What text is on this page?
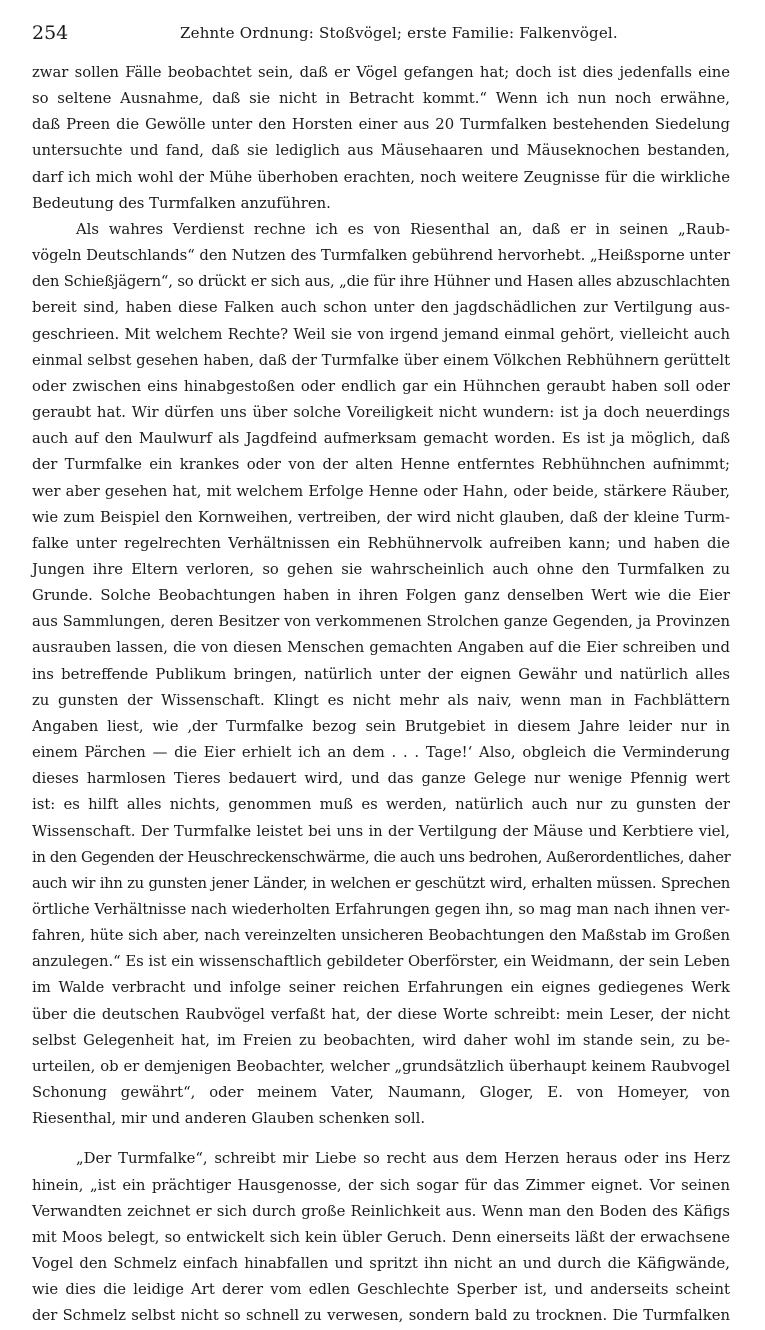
254	Zehnte Ordnung: Stoßvögel; erste Familie: Falkenvögel.
zwar sollen Fälle beobachtet sein, daß er Vögel gefangen hat; doch ist dies jedenfalls eine
so seltene Ausnahme, daß sie nicht in Betracht kommt.“ Wenn ich nun noch erwähne,
daß Preen die Gewölle unter den Horsten einer aus 20 Turmfalken bestehenden Siedelung
untersuchte und fand, daß sie lediglich aus Mäusehaaren und Mäuseknochen bestanden,
darf ich mich wohl der Mühe überhoben erachten, noch weitere Zeugnisse für die wirkliche
Bedeutung des Turmfalken anzuführen.
Als wahres Verdienst rechne ich es von Riesenthal an, daß er in seinen „Raub-
vögeln Deutschlands“ den Nutzen des Turmfalken gebührend hervorhebt. „Heißsporne unter
den Schießjägern“, so drückt er sich aus, „die für ihre Hühner und Hasen alles abzuschlachten
bereit sind, haben diese Falken auch schon unter den jagdschädlichen zur Vertilgung aus-
geschrieen. Mit welchem Rechte? Weil sie von irgend jemand einmal gehört, vielleicht auch
einmal selbst gesehen haben, daß der Turmfalke über einem Völkchen Rebhühnern gerüttelt
oder zwischen eins hinabgestoßen oder endlich gar ein Hühnchen geraubt haben soll oder
geraubt hat. Wir dürfen uns über solche Voreiligkeit nicht wundern: ist ja doch neuerdings
auch auf den Maulwurf als Jagdfeind aufmerksam gemacht worden. Es ist ja möglich, daß
der Turmfalke ein krankes oder von der alten Henne entferntes Rebhühnchen aufnimmt;
wer aber gesehen hat, mit welchem Erfolge Henne oder Hahn, oder beide, stärkere Räuber,
wie zum Beispiel den Kornweihen, vertreiben, der wird nicht glauben, daß der kleine Turm-
falke unter regelrechten Verhältnissen ein Rebhühnervolk aufreiben kann; und haben die
Jungen ihre Eltern verloren, so gehen sie wahrscheinlich auch ohne den Turmfalken zu
Grunde. Solche Beobachtungen haben in ihren Folgen ganz denselben Wert wie die Eier
aus Sammlungen, deren Besitzer von verkommenen Strolchen ganze Gegenden, ja Provinzen
ausrauben lassen, die von diesen Menschen gemachten Angaben auf die Eier schreiben und
ins betreffende Publikum bringen, natürlich unter der eignen Gewähr und natürlich alles
zu gunsten der Wissenschaft. Klingt es nicht mehr als naiv, wenn man in Fachblättern
Angaben liest, wie ‚der Turmfalke bezog sein Brutgebiet in diesem Jahre leider nur in
einem Pärchen — die Eier erhielt ich an dem . . . Tage!‘ Also, obgleich die Verminderung
dieses harmlosen Tieres bedauert wird, und das ganze Gelege nur wenige Pfennig wert
ist: es hilft alles nichts, genommen muß es werden, natürlich auch nur zu gunsten der
Wissenschaft. Der Turmfalke leistet bei uns in der Vertilgung der Mäuse und Kerbtiere viel,
in den Gegenden der Heuschreckenschwärme, die auch uns bedrohen, Außerordentliches, daher
auch wir ihn zu gunsten jener Länder, in welchen er geschützt wird, erhalten müssen. Sprechen
örtliche Verhältnisse nach wiederholten Erfahrungen gegen ihn, so mag man nach ihnen ver-
fahren, hüte sich aber, nach vereinzelten unsicheren Beobachtungen den Maßstab im Großen
anzulegen.“ Es ist ein wissenschaftlich gebildeter Oberförster, ein Weidmann, der sein Leben
im Walde verbracht und infolge seiner reichen Erfahrungen ein eignes gediegenes Werk
über die deutschen Raubvögel verfaßt hat, der diese Worte schreibt: mein Leser, der nicht
selbst Gelegenheit hat, im Freien zu beobachten, wird daher wohl im stande sein, zu be-
urteilen, ob er demjenigen Beobachter, welcher „grundsätzlich überhaupt keinem Raubvogel
Schonung gewährt“, oder meinem Vater, Naumann, Gloger, E. von Homeyer, von
Riesenthal, mir und anderen Glauben schenken soll.
„Der Turmfalke“, schreibt mir Liebe so recht aus dem Herzen heraus oder ins Herz
hinein, „ist ein prächtiger Hausgenosse, der sich sogar für das Zimmer eignet. Vor seinen
Verwandten zeichnet er sich durch große Reinlichkeit aus. Wenn man den Boden des Käfigs
mit Moos belegt, so entwickelt sich kein übler Geruch. Denn einerseits läßt der erwachsene
Vogel den Schmelz einfach hinabfallen und spritzt ihn nicht an und durch die Käfigwände,
wie dies die leidige Art derer vom edlen Geschlechte Sperber ist, und anderseits scheint
der Schmelz selbst nicht so schnell zu verwesen, sondern bald zu trocknen. Die Turmfalken
